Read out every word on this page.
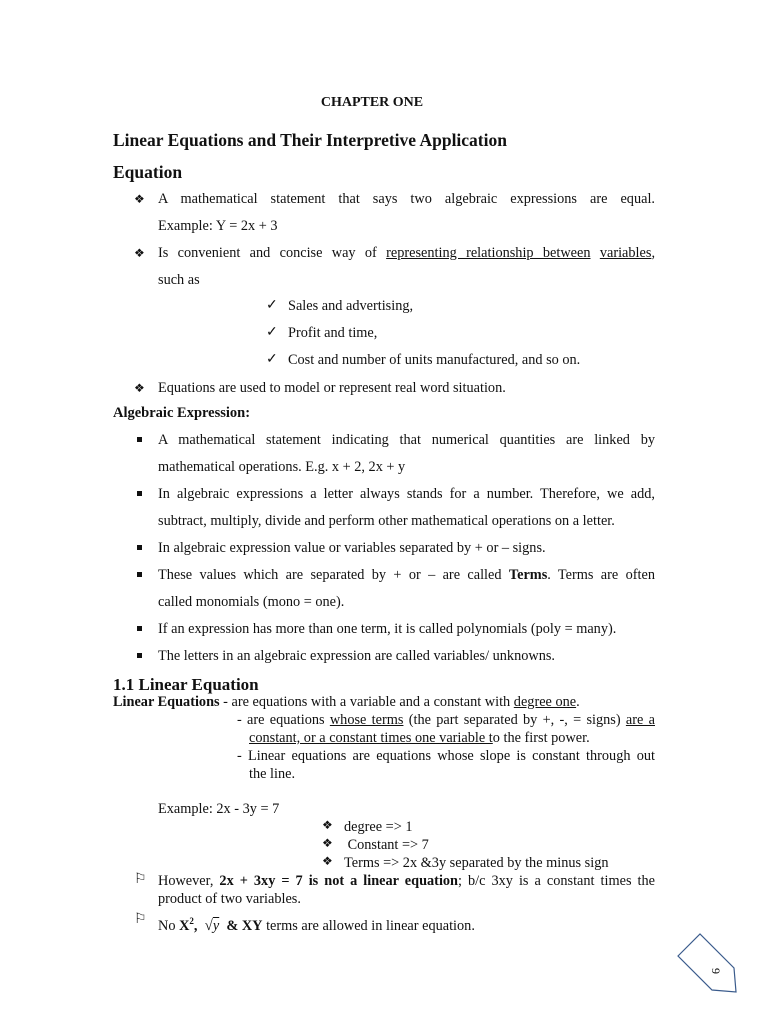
CHAPTER ONE
Linear Equations and Their Interpretive Application
Equation
❖ A mathematical statement that says two algebraic expressions are equal.
Example: Y = 2x + 3
❖ Is convenient and concise way of representing relationship between variables,
such as
✓ Sales and advertising,
✓ Profit and time,
✓ Cost and number of units manufactured, and so on.
❖ Equations are used to model or represent real word situation.
Algebraic Expression:
A mathematical statement indicating that numerical quantities are linked by
mathematical operations. E.g. x + 2, 2x + y
In algebraic expressions a letter always stands for a number. Therefore, we add,
subtract, multiply, divide and perform other mathematical operations on a letter.
In algebraic expression value or variables separated by + or – signs.
These values which are separated by + or – are called Terms. Terms are often
called monomials (mono = one).
If an expression has more than one term, it is called polynomials (poly = many).
The letters in an algebraic expression are called variables/ unknowns.
1.1 Linear Equation
Linear Equations - are equations with a variable and a constant with degree one.
- are equations whose terms (the part separated by +, -, = signs) are a
constant, or a constant times one variable to the first power.
- Linear equations are equations whose slope is constant through out
the line.
Example: 2x - 3y = 7
❖ degree => 1
❖ Constant => 7
❖ Terms => 2x &3y separated by the minus sign
⚐ However, 2x + 3xy = 7 is not a linear equation; b/c 3xy is a constant times the
product of two variables.
⚐ No $X^2$, √y  & XY terms are allowed in linear equation.
9
